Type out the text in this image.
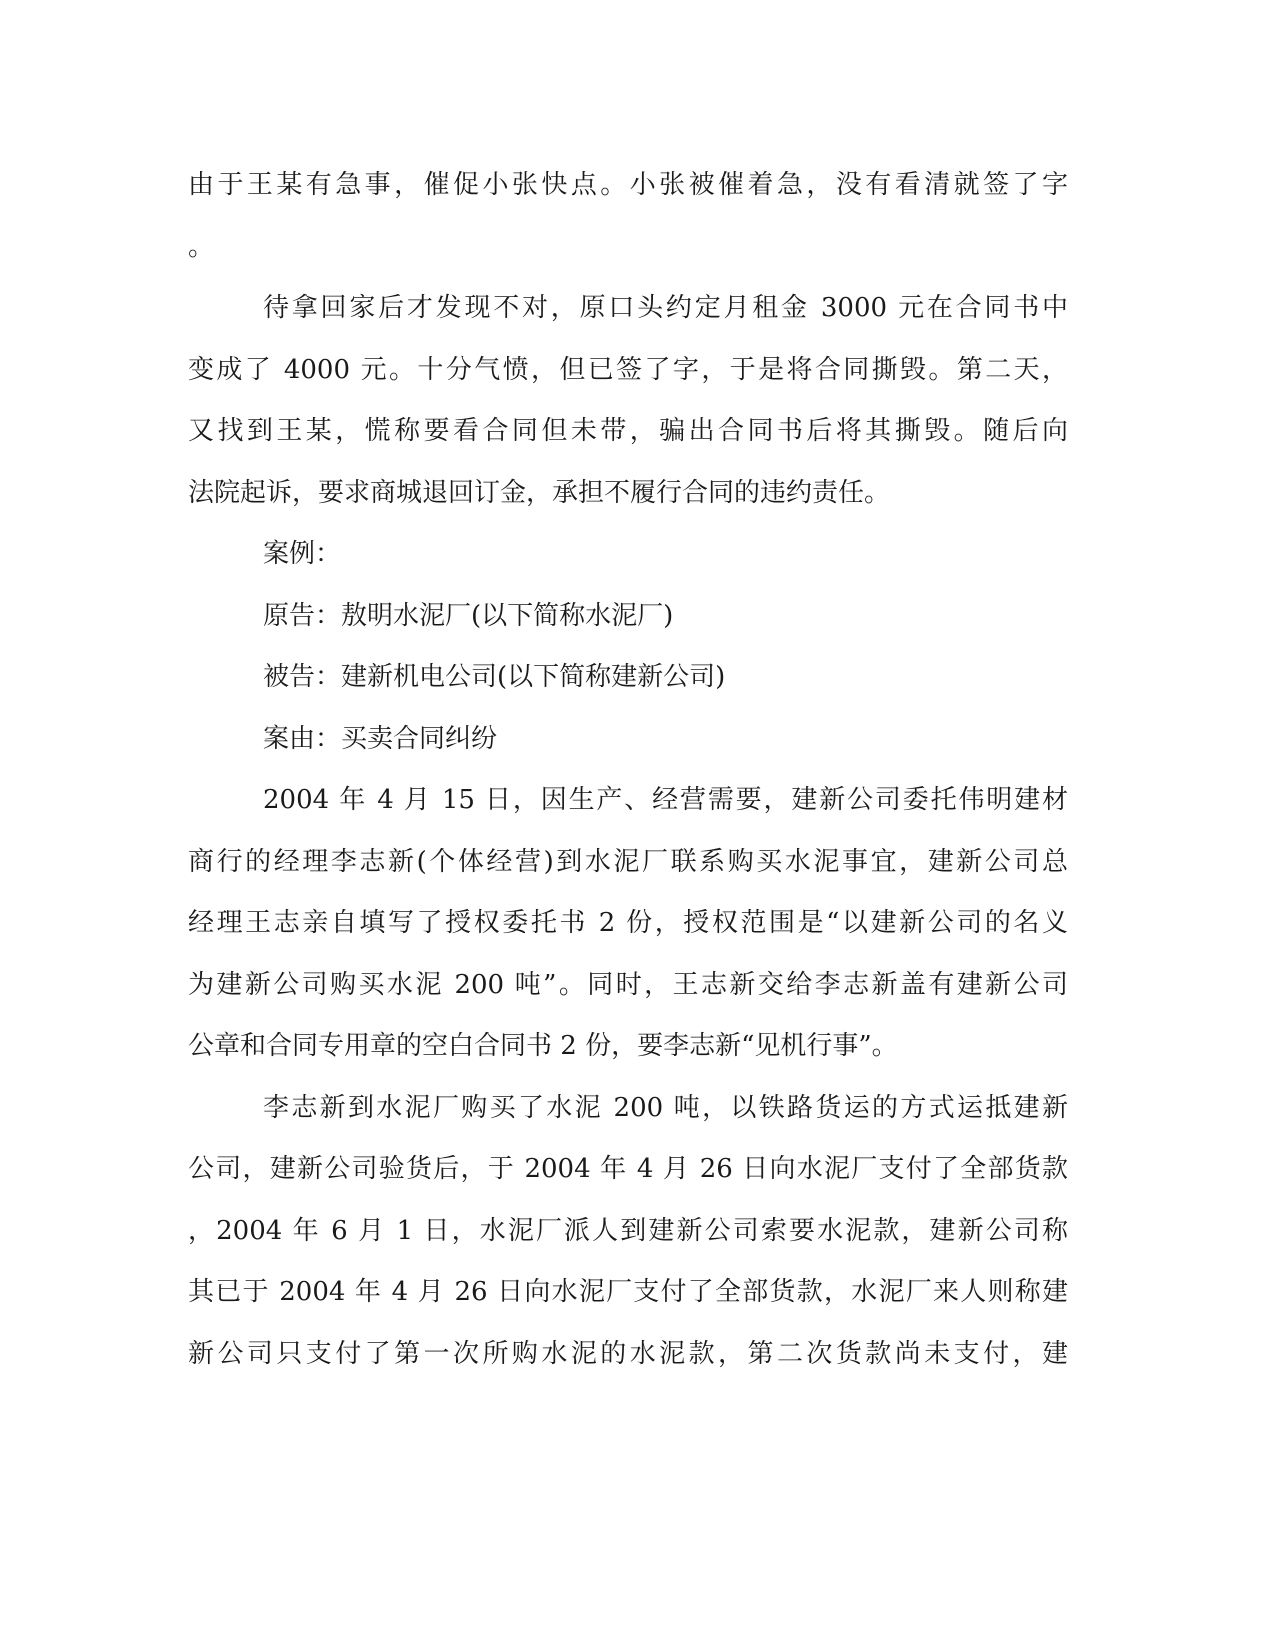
由于王某有急事，催促小张快点。小张被催着急，没有看清就签了字
。
待拿回家后才发现不对，原口头约定月租金 3000 元在合同书中
变成了 4000 元。十分气愤，但已签了字，于是将合同撕毁。第二天，
又找到王某，慌称要看合同但未带，骗出合同书后将其撕毁。随后向
法院起诉，要求商城退回订金，承担不履行合同的违约责任。
案例：
原告：敖明水泥厂(以下简称水泥厂)
被告：建新机电公司(以下简称建新公司)
案由：买卖合同纠纷
2004 年 4 月 15 日，因生产、经营需要，建新公司委托伟明建材
商行的经理李志新(个体经营)到水泥厂联系购买水泥事宜，建新公司总
经理王志亲自填写了授权委托书 2 份，授权范围是“以建新公司的名义
为建新公司购买水泥 200 吨”。同时，王志新交给李志新盖有建新公司
公章和合同专用章的空白合同书 2 份，要李志新“见机行事”。
李志新到水泥厂购买了水泥 200 吨，以铁路货运的方式运抵建新
公司，建新公司验货后，于 2004 年 4 月 26 日向水泥厂支付了全部货款
，2004 年 6 月 1 日，水泥厂派人到建新公司索要水泥款，建新公司称
其已于 2004 年 4 月 26 日向水泥厂支付了全部货款，水泥厂来人则称建
新公司只支付了第一次所购水泥的水泥款，第二次货款尚未支付，建
